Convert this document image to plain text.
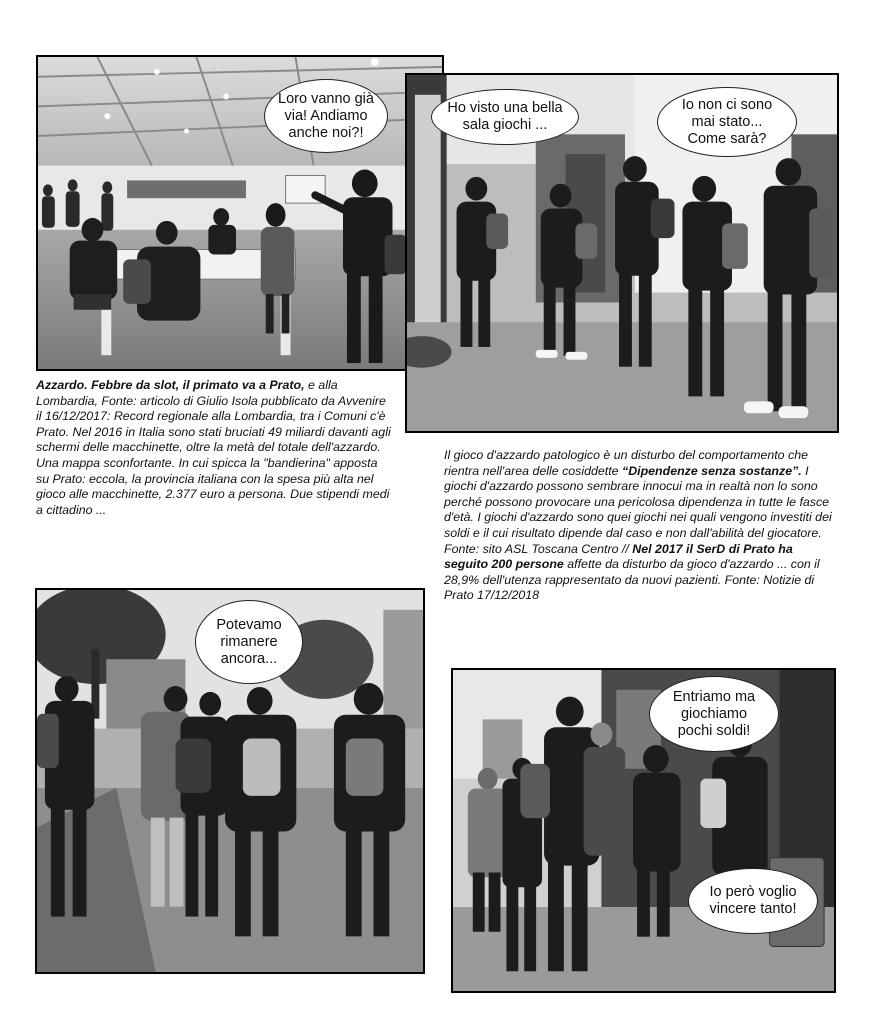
Loro vanno già
via! Andiamo
anche noi?!
Ho visto una bella
sala giochi ...
Io non ci sono
mai stato...
Come sarà?
Azzardo. Febbre da slot, il primato va a Prato, e alla Lombardia, Fonte: articolo di Giulio Isola pubblicato da Avvenire il 16/12/2017: Record regionale alla Lombardia, tra i Comuni c'è Prato. Nel 2016 in Italia sono stati bruciati 49 miliardi davanti agli schermi delle macchinette, oltre la metà del totale dell'azzardo. Una mappa sconfortante. In cui spicca la "bandierina" apposta su Prato: eccola, la provincia italiana con la spesa più alta nel gioco alle macchinette, 2.377 euro a persona. Due stipendi medi a cittadino ...
Il gioco d'azzardo patologico è un disturbo del comportamento che rientra nell'area delle cosiddette “Dipendenze senza sostanze”. I giochi d'azzardo possono sembrare innocui ma in realtà non lo sono perché possono provocare una pericolosa dipendenza in tutte le fasce d'età. I giochi d'azzardo sono quei giochi nei quali vengono investiti dei soldi e il cui risultato dipende dal caso e non dall'abilità del giocatore. Fonte: sito ASL Toscana Centro // Nel 2017 il SerD di Prato ha seguito 200 persone affette da disturbo da gioco d'azzardo ... con il 28,9% dell'utenza rappresentato da nuovi pazienti. Fonte: Notizie di Prato 17/12/2018
Potevamo
rimanere
ancora...
Entriamo ma
giochiamo
pochi soldi!
Io però voglio
vincere tanto!
